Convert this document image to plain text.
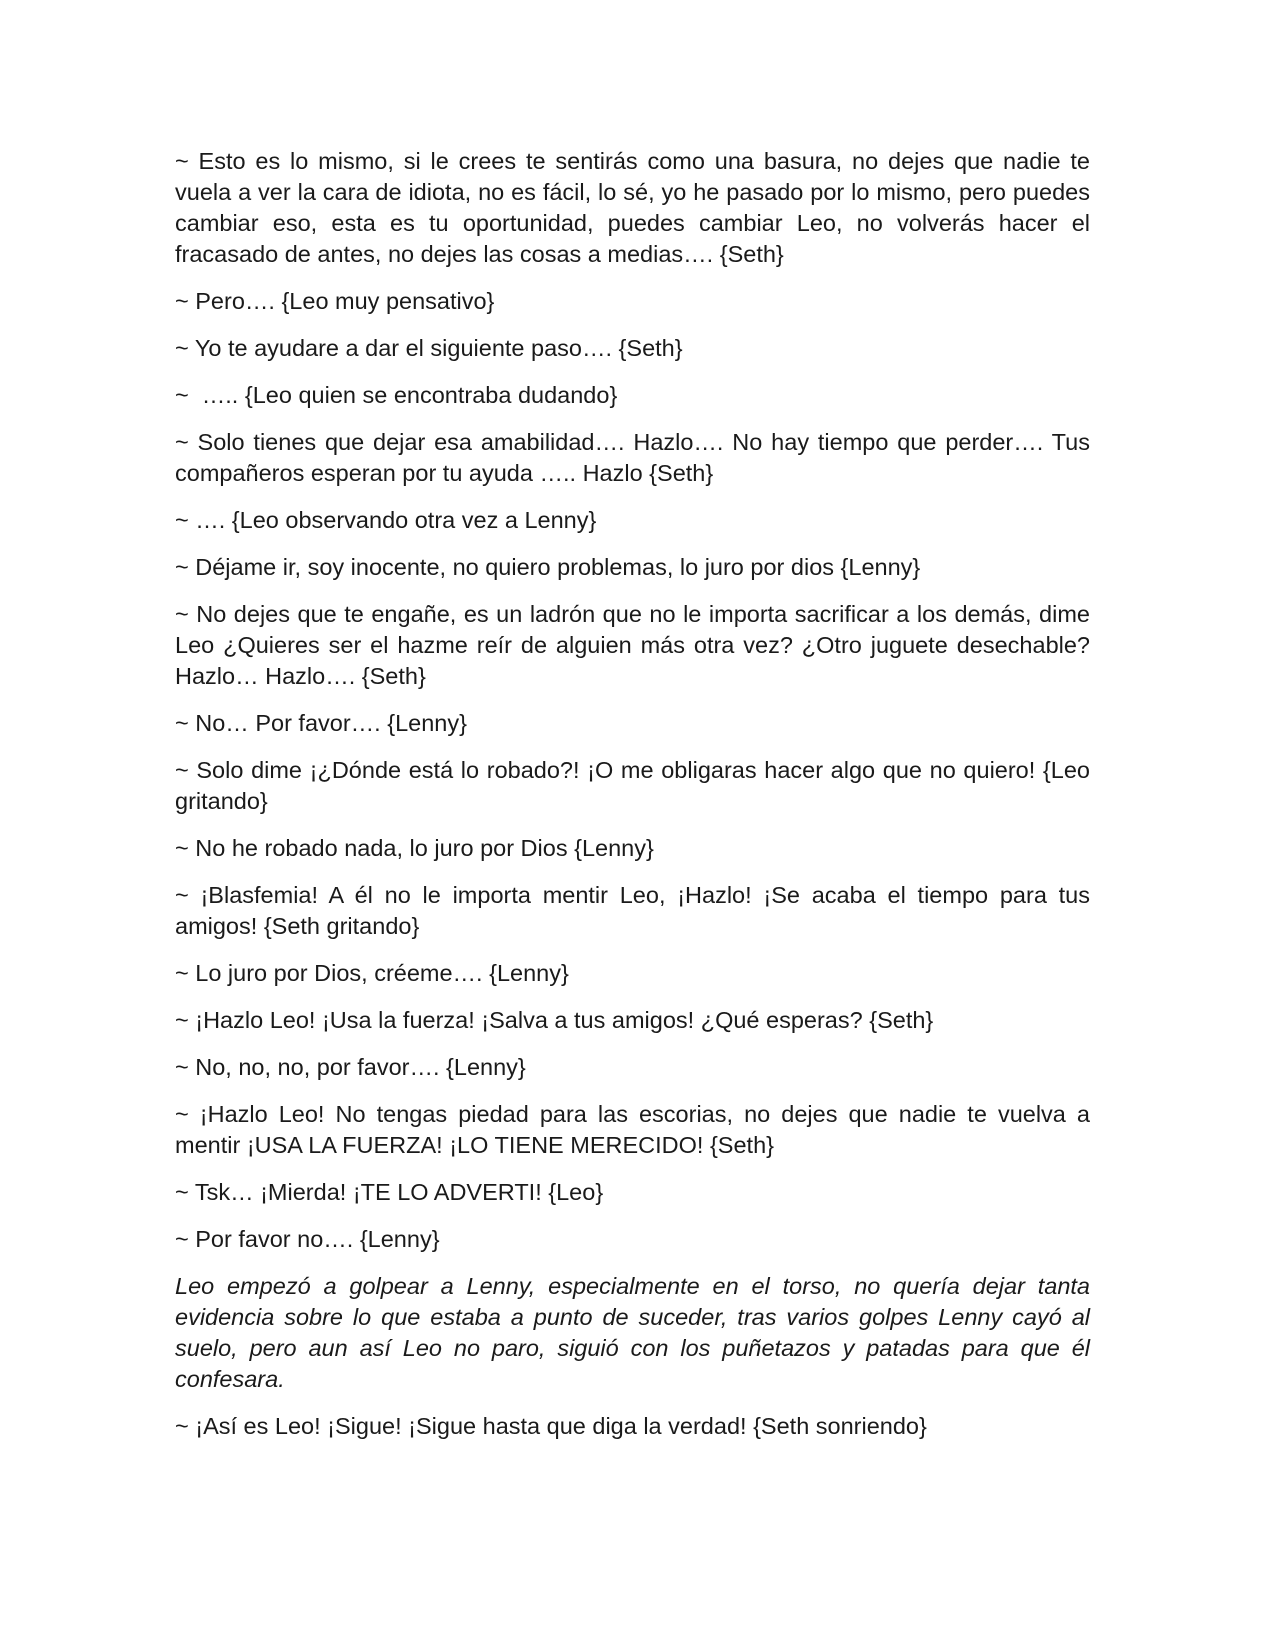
~ Esto es lo mismo, si le crees te sentirás como una basura, no dejes que nadie te vuela a ver la cara de idiota, no es fácil, lo sé, yo he pasado por lo mismo, pero puedes cambiar eso, esta es tu oportunidad, puedes cambiar Leo, no volverás hacer el fracasado de antes, no dejes las cosas a medias…. {Seth}

~ Pero…. {Leo muy pensativo}

~ Yo te ayudare a dar el siguiente paso…. {Seth}

~  ….. {Leo quien se encontraba dudando}

~ Solo tienes que dejar esa amabilidad…. Hazlo…. No hay tiempo que perder…. Tus compañeros esperan por tu ayuda ….. Hazlo {Seth}

~ …. {Leo observando otra vez a Lenny}

~ Déjame ir, soy inocente, no quiero problemas, lo juro por dios {Lenny}

~ No dejes que te engañe, es un ladrón que no le importa sacrificar a los demás, dime Leo ¿Quieres ser el hazme reír de alguien más otra vez? ¿Otro juguete desechable? Hazlo… Hazlo…. {Seth}

~ No… Por favor…. {Lenny}

~ Solo dime ¡¿Dónde está lo robado?! ¡O me obligaras hacer algo que no quiero! {Leo gritando}

~ No he robado nada, lo juro por Dios {Lenny}

~ ¡Blasfemia! A él no le importa mentir Leo, ¡Hazlo! ¡Se acaba el tiempo para tus amigos! {Seth gritando}

~ Lo juro por Dios, créeme…. {Lenny}

~ ¡Hazlo Leo! ¡Usa la fuerza! ¡Salva a tus amigos! ¿Qué esperas? {Seth}

~ No, no, no, por favor…. {Lenny}

~ ¡Hazlo Leo! No tengas piedad para las escorias, no dejes que nadie te vuelva a mentir ¡USA LA FUERZA! ¡LO TIENE MERECIDO! {Seth}

~ Tsk… ¡Mierda! ¡TE LO ADVERTI! {Leo}

~ Por favor no…. {Lenny}

Leo empezó a golpear a Lenny, especialmente en el torso, no quería dejar tanta evidencia sobre lo que estaba a punto de suceder, tras varios golpes Lenny cayó al suelo, pero aun así Leo no paro, siguió con los puñetazos y patadas para que él confesara.

~ ¡Así es Leo! ¡Sigue! ¡Sigue hasta que diga la verdad! {Seth sonriendo}
